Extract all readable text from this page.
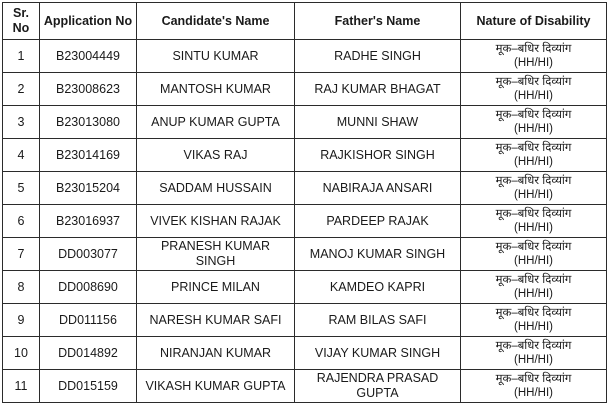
Sr. No	Application No	Candidate's Name	Father's Name	Nature of Disability
1	B23004449	SINTU KUMAR	RADHE SINGH	मूक–बधिर दिव्यांग
(HH/HI)

2	B23008623	MANTOSH KUMAR	RAJ KUMAR BHAGAT	मूक–बधिर दिव्यांग
(HH/HI)

3	B23013080	ANUP KUMAR GUPTA	MUNNI SHAW	मूक–बधिर दिव्यांग
(HH/HI)

4	B23014169	VIKAS RAJ	RAJKISHOR SINGH	मूक–बधिर दिव्यांग
(HH/HI)

5	B23015204	SADDAM HUSSAIN	NABIRAJA ANSARI	मूक–बधिर दिव्यांग
(HH/HI)

6	B23016937	VIVEK KISHAN RAJAK	PARDEEP RAJAK	मूक–बधिर दिव्यांग
(HH/HI)

7	DD003077	PRANESH KUMAR SINGH	MANOJ KUMAR SINGH	मूक–बधिर दिव्यांग
(HH/HI)

8	DD008690	PRINCE MILAN	KAMDEO KAPRI	मूक–बधिर दिव्यांग
(HH/HI)

9	DD011156	NARESH KUMAR SAFI	RAM BILAS SAFI	मूक–बधिर दिव्यांग
(HH/HI)

10	DD014892	NIRANJAN KUMAR	VIJAY KUMAR SINGH	मूक–बधिर दिव्यांग
(HH/HI)

11	DD015159	VIKASH KUMAR GUPTA	RAJENDRA PRASAD GUPTA	मूक–बधिर दिव्यांग
(HH/HI)
